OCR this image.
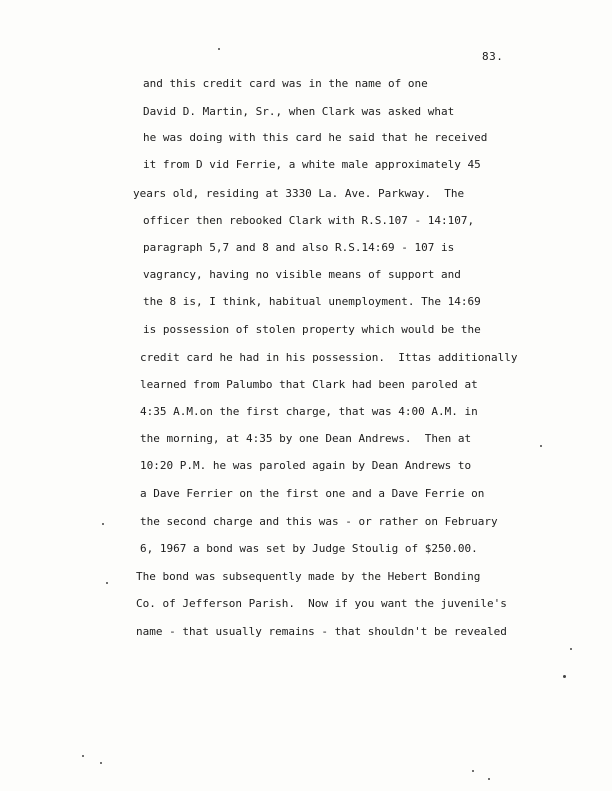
83.
and this credit card was in the name of one
David D. Martin, Sr., when Clark was asked what
he was doing with this card he said that he received
it from D vid Ferrie, a white male approximately 45
years old, residing at 3330 La. Ave. Parkway.  The
officer then rebooked Clark with R.S.107 - 14:107,
paragraph 5,7 and 8 and also R.S.14:69 - 107 is
vagrancy, having no visible means of support and
the 8 is, I think, habitual unemployment. The 14:69
is possession of stolen property which would be the
credit card he had in his possession.  Ittas additionally
learned from Palumbo that Clark had been paroled at
4:35 A.M.on the first charge, that was 4:00 A.M. in
the morning, at 4:35 by one Dean Andrews.  Then at
10:20 P.M. he was paroled again by Dean Andrews to
a Dave Ferrier on the first one and a Dave Ferrie on
the second charge and this was - or rather on February
6, 1967 a bond was set by Judge Stoulig of $250.00.
The bond was subsequently made by the Hebert Bonding
Co. of Jefferson Parish.  Now if you want the juvenile's
name - that usually remains - that shouldn't be revealed
